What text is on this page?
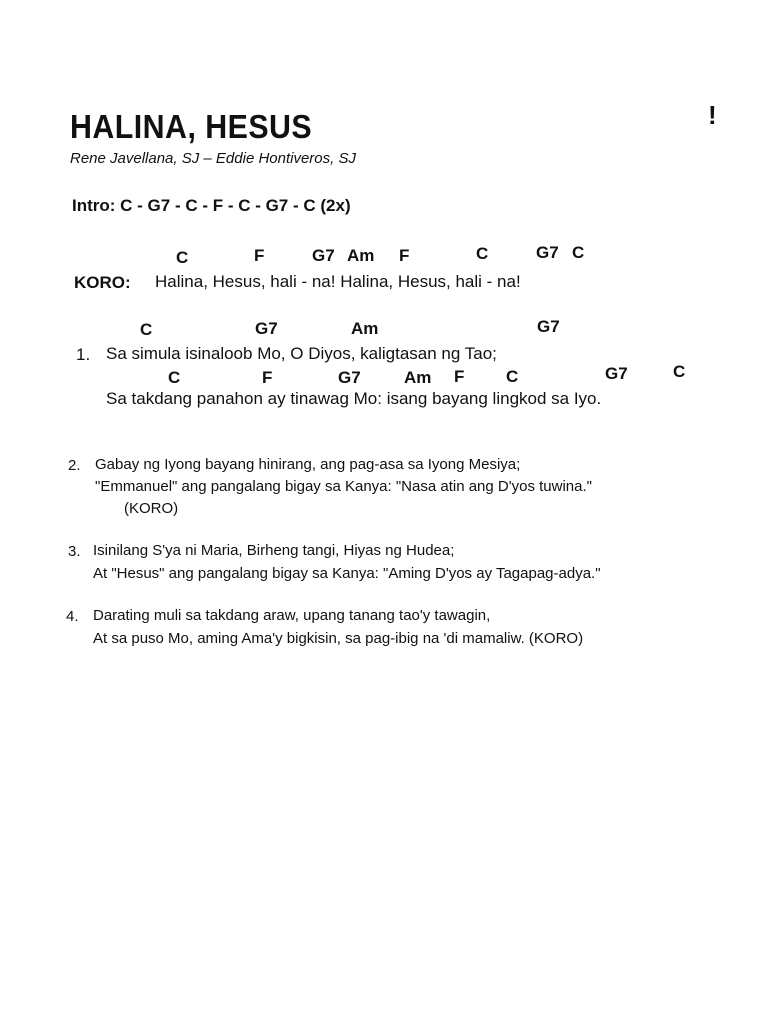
HALINA, HESUS	!
Rene Javellana, SJ – Eddie Hontiveros, SJ
Intro: C - G7 - C - F - C - G7 - C (2x)
C	F	G7 Am F	C	G7 C
KORO: Halina, Hesus, hali - na! Halina, Hesus, hali - na!
C	G7	Am	G7
1. Sa simula isinaloob Mo, O Diyos, kaligtasan ng Tao;
C	F	G7	Am F C	G7	C
Sa takdang panahon ay tinawag Mo: isang bayang lingkod sa Iyo.
2. Gabay ng Iyong bayang hinirang, ang pag-asa sa Iyong Mesiya;
"Emmanuel" ang pangalang bigay sa Kanya: "Nasa atin ang D'yos tuwina."
(KORO)
3. Isinilang S'ya ni Maria, Birheng tangi, Hiyas ng Hudea;
At "Hesus" ang pangalang bigay sa Kanya: "Aming D'yos ay Tagapag-adya."
4. Darating muli sa takdang araw, upang tanang tao'y tawagin,
At sa puso Mo, aming Ama'y bigkisin, sa pag-ibig na 'di mamaliw. (KORO)
